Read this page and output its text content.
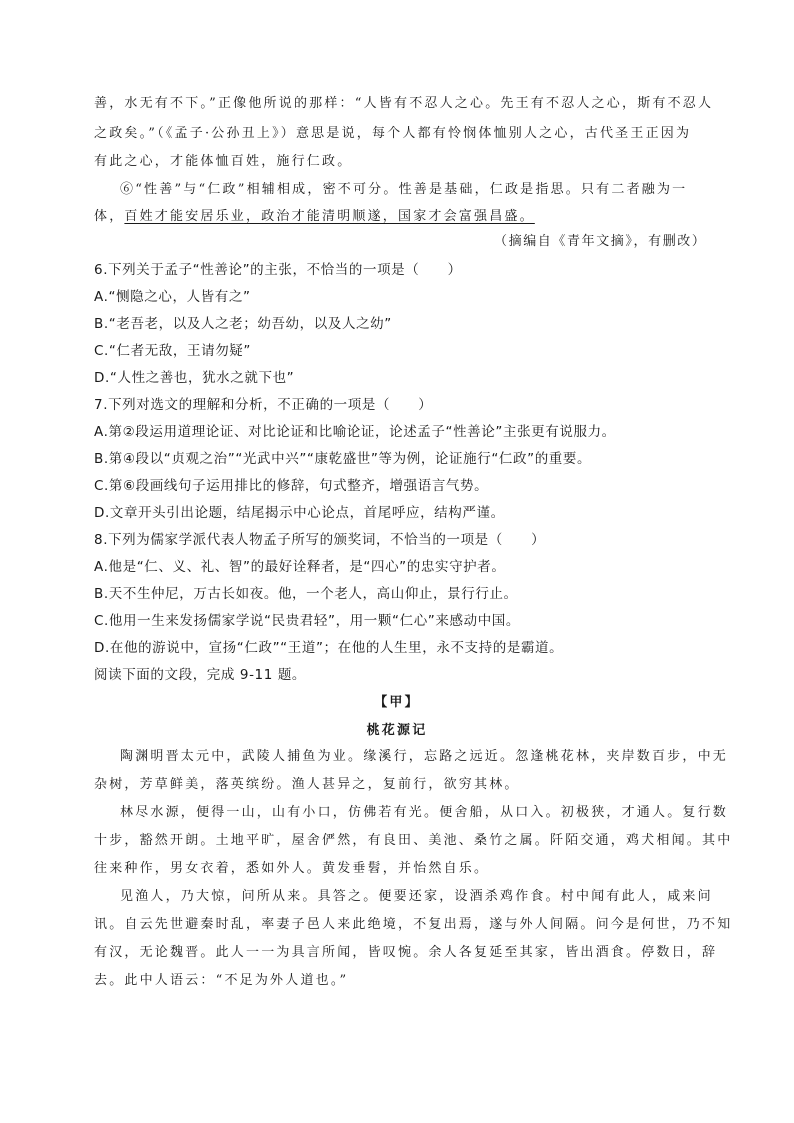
善，水无有不下。”正像他所说的那样：“人皆有不忍人之心。先王有不忍人之心，斯有不忍人
之政矣。”（《孟子·公孙丑上》）意思是说，每个人都有怜悯体恤别人之心，古代圣王正因为
有此之心，才能体恤百姓，施行仁政。
⑥“性善”与“仁政”相辅相成，密不可分。性善是基础，仁政是指思。只有二者融为一
体，百姓才能安居乐业，政治才能清明顺遂，国家才会富强昌盛。
（摘编自《青年文摘》，有删改）
6.下列关于孟子“性善论”的主张，不恰当的一项是（　　）
A.“恻隐之心，人皆有之”
B.“老吾老，以及人之老；幼吾幼，以及人之幼”
C.“仁者无敌，王请勿疑”
D.“人性之善也，犹水之就下也”
7.下列对选文的理解和分析，不正确的一项是（　　）
A.第②段运用道理论证、对比论证和比喻论证，论述孟子“性善论”主张更有说服力。
B.第④段以“贞观之治”“光武中兴”“康乾盛世”等为例，论证施行“仁政”的重要。
C.第⑥段画线句子运用排比的修辞，句式整齐，增强语言气势。
D.文章开头引出论题，结尾揭示中心论点，首尾呼应，结构严谨。
8.下列为儒家学派代表人物孟子所写的颁奖词，不恰当的一项是（　　）
A.他是“仁、义、礼、智”的最好诠释者，是“四心”的忠实守护者。
B.天不生仲尼，万古长如夜。他，一个老人，高山仰止，景行行止。
C.他用一生来发扬儒家学说“民贵君轻”，用一颗“仁心”来感动中国。
D.在他的游说中，宣扬“仁政”“王道”；在他的人生里，永不支持的是霸道。
阅读下面的文段，完成 9-11 题。
【甲】
桃花源记
陶渊明晋太元中，武陵人捕鱼为业。缘溪行，忘路之远近。忽逢桃花林，夹岸数百步，中无
杂树，芳草鲜美，落英缤纷。渔人甚异之，复前行，欲穷其林。
林尽水源，便得一山，山有小口，仿佛若有光。便舍船，从口入。初极狭，才通人。复行数
十步，豁然开朗。土地平旷，屋舍俨然，有良田、美池、桑竹之属。阡陌交通，鸡犬相闻。其中
往来种作，男女衣着，悉如外人。黄发垂髫，并怡然自乐。
见渔人，乃大惊，问所从来。具答之。便要还家，设酒杀鸡作食。村中闻有此人，咸来问
讯。自云先世避秦时乱，率妻子邑人来此绝境，不复出焉，遂与外人间隔。问今是何世，乃不知
有汉，无论魏晋。此人一一为具言所闻，皆叹惋。余人各复延至其家，皆出酒食。停数日，辞
去。此中人语云：“不足为外人道也。”
